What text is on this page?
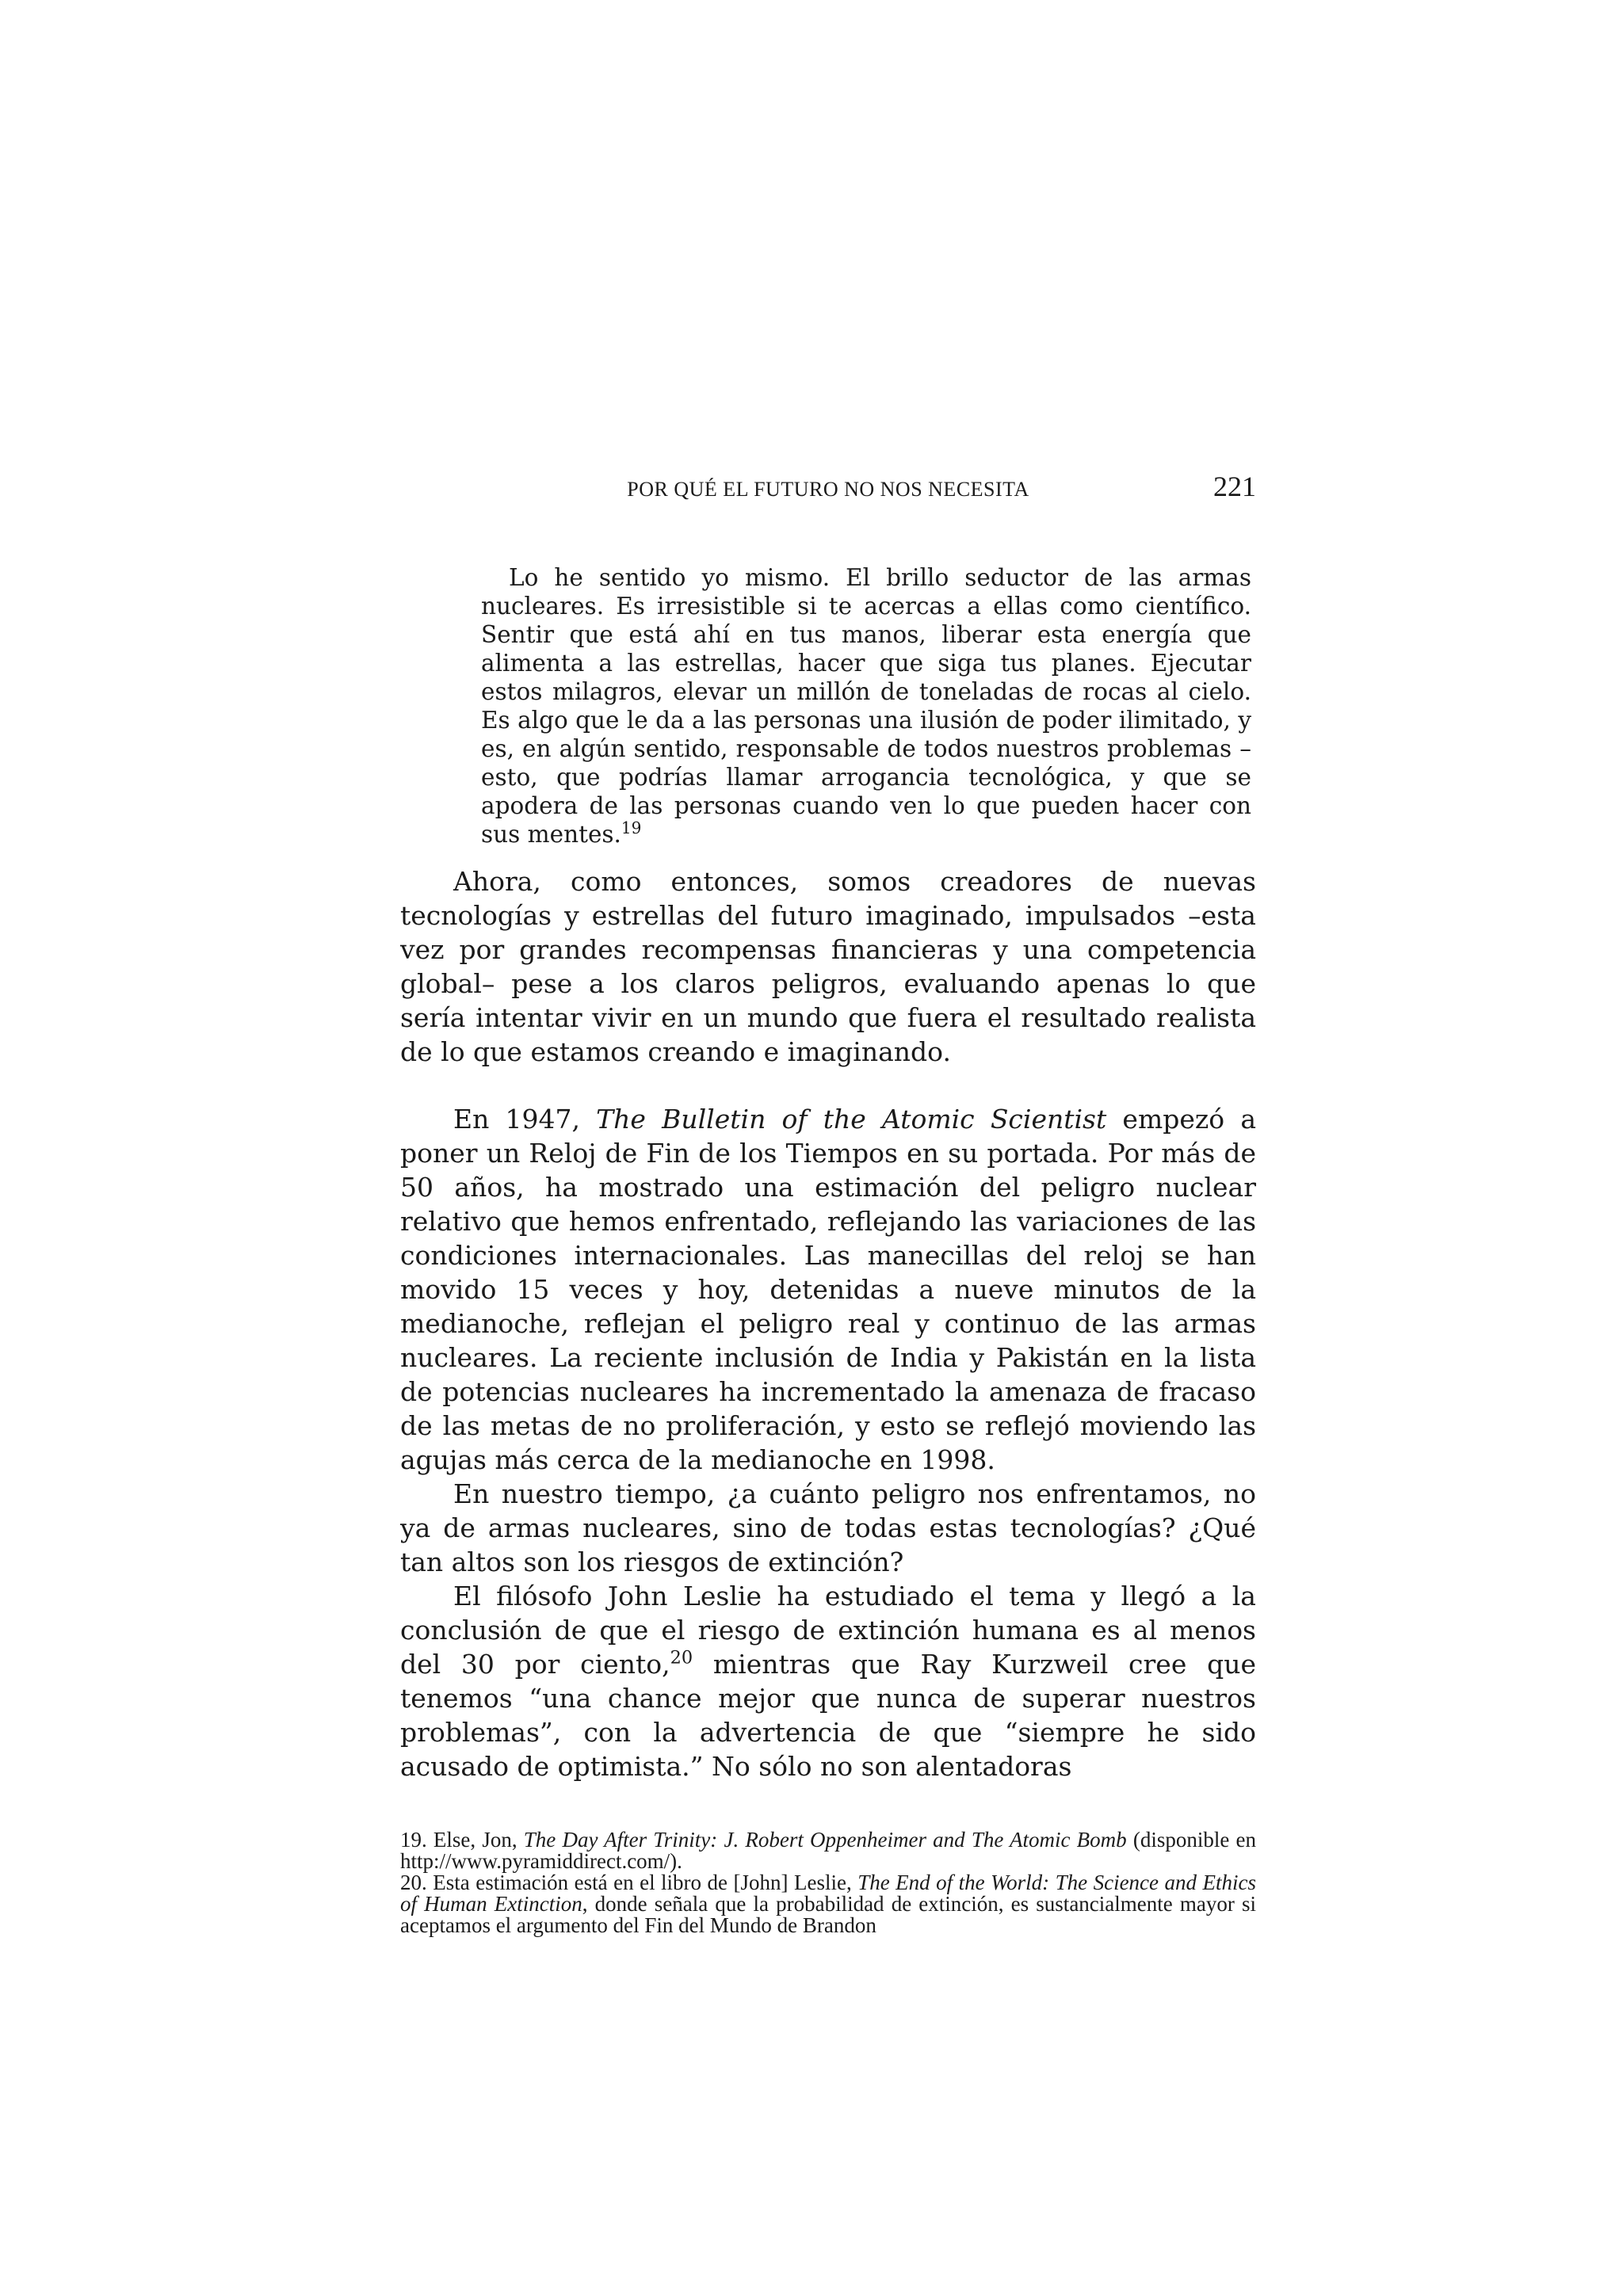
POR QUÉ EL FUTURO NO NOS NECESITA	221

Lo he sentido yo mismo. El brillo seductor de las armas nucleares. Es irresistible si te acercas a ellas como científico. Sentir que está ahí en tus manos, liberar esta energía que alimenta a las estrellas, hacer que siga tus planes. Ejecutar estos milagros, elevar un millón de toneladas de rocas al cielo. Es algo que le da a las personas una ilusión de poder ilimitado, y es, en algún sentido, responsable de todos nuestros problemas –esto, que podrías llamar arrogancia tecnológica, y que se apodera de las personas cuando ven lo que pueden hacer con sus mentes.$^{19}$

Ahora, como entonces, somos creadores de nuevas tecnologías y estrellas del futuro imaginado, impulsados –esta vez por grandes recompensas financieras y una competencia global– pese a los claros peligros, evaluando apenas lo que sería intentar vivir en un mundo que fuera el resultado realista de lo que estamos creando e imaginando.

En 1947, The Bulletin of the Atomic Scientist empezó a poner un Reloj de Fin de los Tiempos en su portada. Por más de 50 años, ha mostrado una estimación del peligro nuclear relativo que hemos enfrentado, reflejando las variaciones de las condiciones internacionales. Las manecillas del reloj se han movido 15 veces y hoy, detenidas a nueve minutos de la medianoche, reflejan el peligro real y continuo de las armas nucleares. La reciente inclusión de India y Pakistán en la lista de potencias nucleares ha incrementado la amenaza de fracaso de las metas de no proliferación, y esto se reflejó moviendo las agujas más cerca de la medianoche en 1998.

En nuestro tiempo, ¿a cuánto peligro nos enfrentamos, no ya de armas nucleares, sino de todas estas tecnologías? ¿Qué tan altos son los riesgos de extinción?

El filósofo John Leslie ha estudiado el tema y llegó a la conclusión de que el riesgo de extinción humana es al menos del 30 por ciento,$^{20}$ mientras que Ray Kurzweil cree que tenemos “una chance mejor que nunca de superar nuestros problemas”, con la advertencia de que “siempre he sido acusado de optimista.” No sólo no son alentadoras

19. Else, Jon, The Day After Trinity: J. Robert Oppenheimer and The Atomic Bomb (disponible en http://www.pyramiddirect.com/).

20. Esta estimación está en el libro de [John] Leslie, The End of the World: The Science and Ethics of Human Extinction, donde señala que la probabilidad de extinción, es sustancialmente mayor si aceptamos el argumento del Fin del Mundo de Brandon
